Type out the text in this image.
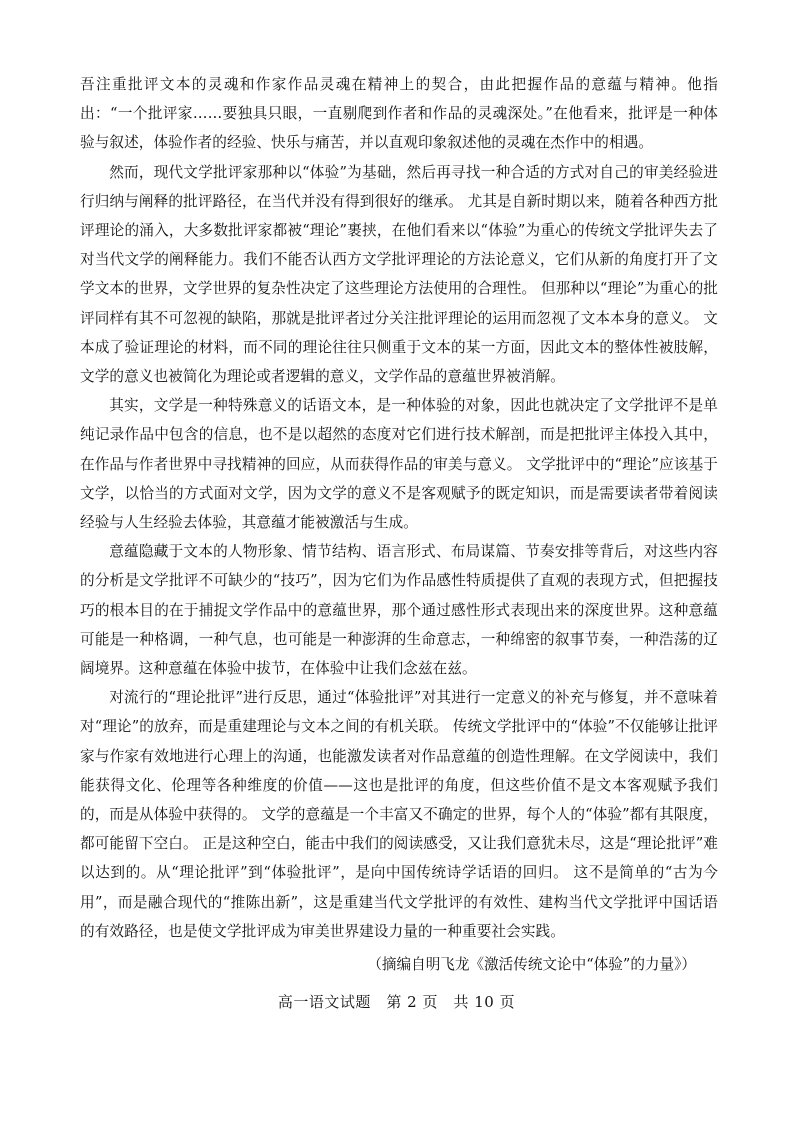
吾注重批评文本的灵魂和作家作品灵魂在精神上的契合，由此把握作品的意蕴与精神。他指出：“一个批评家……要独具只眼，一直剔爬到作者和作品的灵魂深处。”在他看来，批评是一种体验与叙述，体验作者的经验、快乐与痛苦，并以直观印象叙述他的灵魂在杰作中的相遇。

然而，现代文学批评家那种以“体验”为基础，然后再寻找一种合适的方式对自己的审美经验进行归纳与阐释的批评路径，在当代并没有得到很好的继承。 尤其是自新时期以来，随着各种西方批评理论的涌入，大多数批评家都被“理论”裹挟，在他们看来以“体验”为重心的传统文学批评失去了对当代文学的阐释能力。我们不能否认西方文学批评理论的方法论意义，它们从新的角度打开了文学文本的世界，文学世界的复杂性决定了这些理论方法使用的合理性。 但那种以“理论”为重心的批评同样有其不可忽视的缺陷，那就是批评者过分关注批评理论的运用而忽视了文本本身的意义。 文本成了验证理论的材料，而不同的理论往往只侧重于文本的某一方面，因此文本的整体性被肢解，文学的意义也被简化为理论或者逻辑的意义，文学作品的意蕴世界被消解。

其实，文学是一种特殊意义的话语文本，是一种体验的对象，因此也就决定了文学批评不是单纯记录作品中包含的信息，也不是以超然的态度对它们进行技术解剖，而是把批评主体投入其中，在作品与作者世界中寻找精神的回应，从而获得作品的审美与意义。 文学批评中的“理论”应该基于文学，以恰当的方式面对文学，因为文学的意义不是客观赋予的既定知识，而是需要读者带着阅读经验与人生经验去体验，其意蕴才能被激活与生成。

意蕴隐藏于文本的人物形象、情节结构、语言形式、布局谋篇、节奏安排等背后，对这些内容的分析是文学批评不可缺少的“技巧”，因为它们为作品感性特质提供了直观的表现方式，但把握技巧的根本目的在于捕捉文学作品中的意蕴世界，那个通过感性形式表现出来的深度世界。这种意蕴可能是一种格调，一种气息，也可能是一种澎湃的生命意志，一种绵密的叙事节奏，一种浩荡的辽阔境界。这种意蕴在体验中拔节，在体验中让我们念兹在兹。

对流行的“理论批评”进行反思，通过“体验批评”对其进行一定意义的补充与修复，并不意味着对“理论”的放弃，而是重建理论与文本之间的有机关联。 传统文学批评中的“体验”不仅能够让批评家与作家有效地进行心理上的沟通，也能激发读者对作品意蕴的创造性理解。在文学阅读中，我们能获得文化、伦理等各种维度的价值——这也是批评的角度，但这些价值不是文本客观赋予我们的，而是从体验中获得的。 文学的意蕴是一个丰富又不确定的世界，每个人的“体验”都有其限度，都可能留下空白。 正是这种空白，能击中我们的阅读感受，又让我们意犹未尽，这是“理论批评”难以达到的。从“理论批评”到“体验批评”，是向中国传统诗学话语的回归。 这不是简单的“古为今用”，而是融合现代的“推陈出新”，这是重建当代文学批评的有效性、建构当代文学批评中国话语的有效路径，也是使文学批评成为审美世界建设力量的一种重要社会实践。

（摘编自明飞龙《激活传统文论中“体验”的力量》）

高一语文试题　第 2 页　共 10 页
